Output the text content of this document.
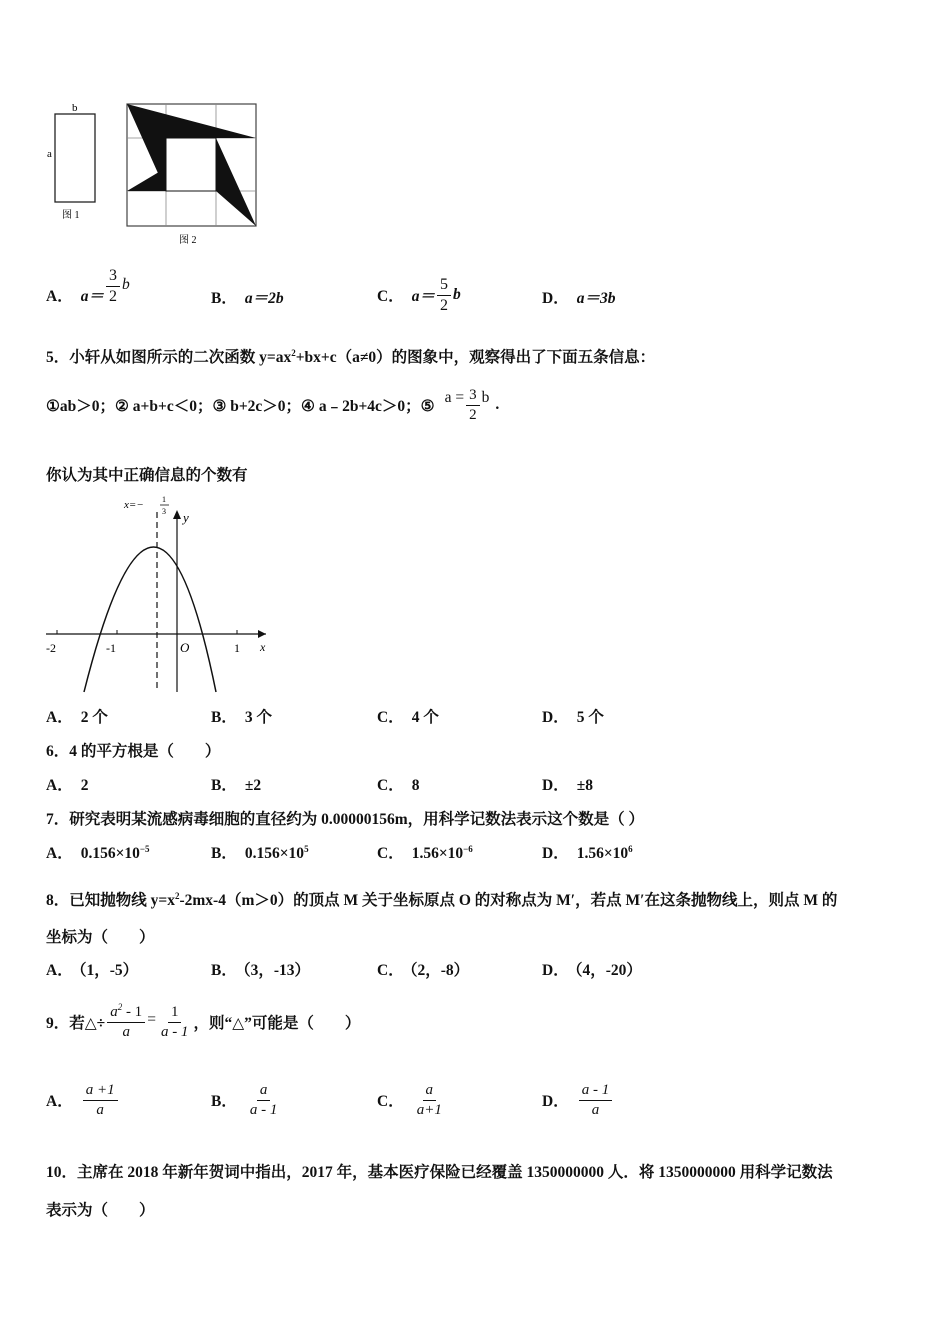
b
a
图 1
图 2
A． $a= \frac{3}{2}$ b
B． a＝2b	C． $a= \frac{5}{2}$ b	D． a＝3b
5．小轩从如图所示的二次函数 $y=ax^2+bx+c(a\ne 0)$的图象中，观察得出了下面五条信息：
①ab＞0；② a+b+c＜0；③ b+2c＞0；④ a﹣2b+4c＞0；⑤
$a = \frac{3}{2}$ b .
你认为其中正确信息的个数有
x=− 1
3 y
x
-2	-1	O	1
A． 2 个	B． 3 个	C． 4 个	D． 5 个
6．4 的平方根是（　　）
A． 2	B． ±2	C． 8	D． ±8
7．研究表明某流感病毒细胞的直径约为 0.00000156m，用科学记数法表示这个数是（ ）
A． $0.156\times 10^{-5}$	B． $0.156\times 10^5$	C． $1.56\times 10^{-6}$	D． $1.56\times 10^6$
8．已知抛物线 $y=x^2-2mx-4(m>0)$的顶点 M 关于坐标原点 O 的对称点为 M′，若点 M′在这条抛物线上，则点 M 的
坐标为（　　）
A． （1，-5）	B． （3，-13）	C． （2，-8）	D． （4，-20）
9．若△÷ $\frac{a^2 - 1}{a} = \frac{1}{a - 1}$ ，则“△”可能是（　　）
A． $\frac{a +1}{a}$	B． $\frac{a}{a - 1}$	C． $\frac{a}{a+1}$	D． $\frac{a - 1}{a}$
10．主席在 2018 年新年贺词中指出，2017 年，基本医疗保险已经覆盖 1350000000 人．将 1350000000 用科学记数法
表示为（　　）
